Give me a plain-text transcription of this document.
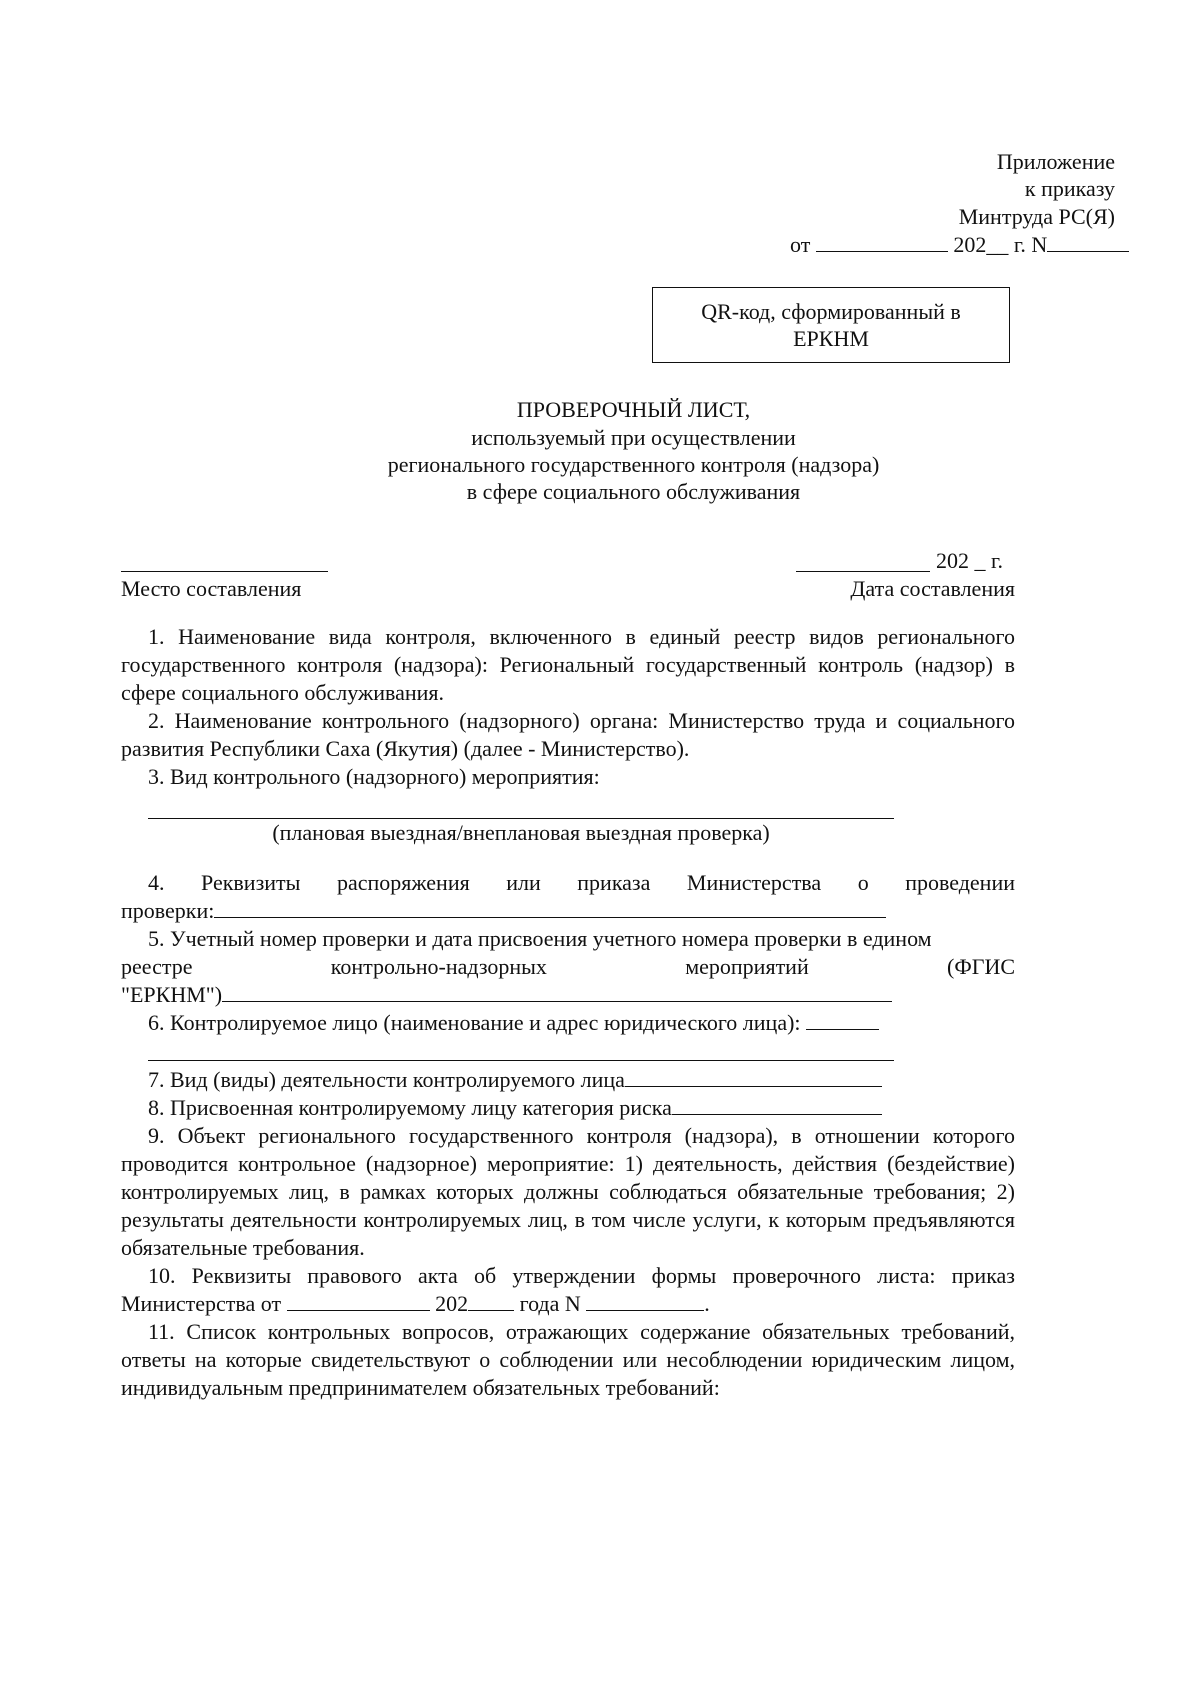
Приложение
к приказу
Минтруда РС(Я)
от	202__ г. N
QR-код, сформированный в
ЕРКНМ
ПРОВЕРОЧНЫЙ ЛИСТ,
используемый при осуществлении
регионального государственного контроля (надзора)
в сфере социального обслуживания
202 _ г.
Место составления	Дата составления
1. Наименование вида контроля, включенного в единый реестр видов регионального государственного контроля (надзора): Региональный государственный контроль (надзор) в сфере социального обслуживания.
2. Наименование контрольного (надзорного) органа: Министерство труда и социального развития Республики Саха (Якутия) (далее - Министерство).
3. Вид контрольного (надзорного) мероприятия:
(плановая выездная/внеплановая выездная проверка)
4. Реквизиты распоряжения или приказа Министерства о проведении
проверки:
5. Учетный номер проверки и дата присвоения учетного номера проверки в едином
реестре контрольно-надзорных мероприятий (ФГИС
"ЕРКНМ")
6. Контролируемое лицо (наименование и адрес юридического лица):
7. Вид (виды) деятельности контролируемого лица
8. Присвоенная контролируемому лицу категория риска
9. Объект регионального государственного контроля (надзора), в отношении которого проводится контрольное (надзорное) мероприятие: 1) деятельность, действия (бездействие) контролируемых лиц, в рамках которых должны соблюдаться обязательные требования; 2) результаты деятельности контролируемых лиц, в том числе услуги, к которым предъявляются обязательные требования.
10. Реквизиты правового акта об утверждении формы проверочного листа: приказ
Министерства от	202 года N	.
11. Список контрольных вопросов, отражающих содержание обязательных требований, ответы на которые свидетельствуют о соблюдении или несоблюдении юридическим лицом, индивидуальным предпринимателем обязательных требований:
